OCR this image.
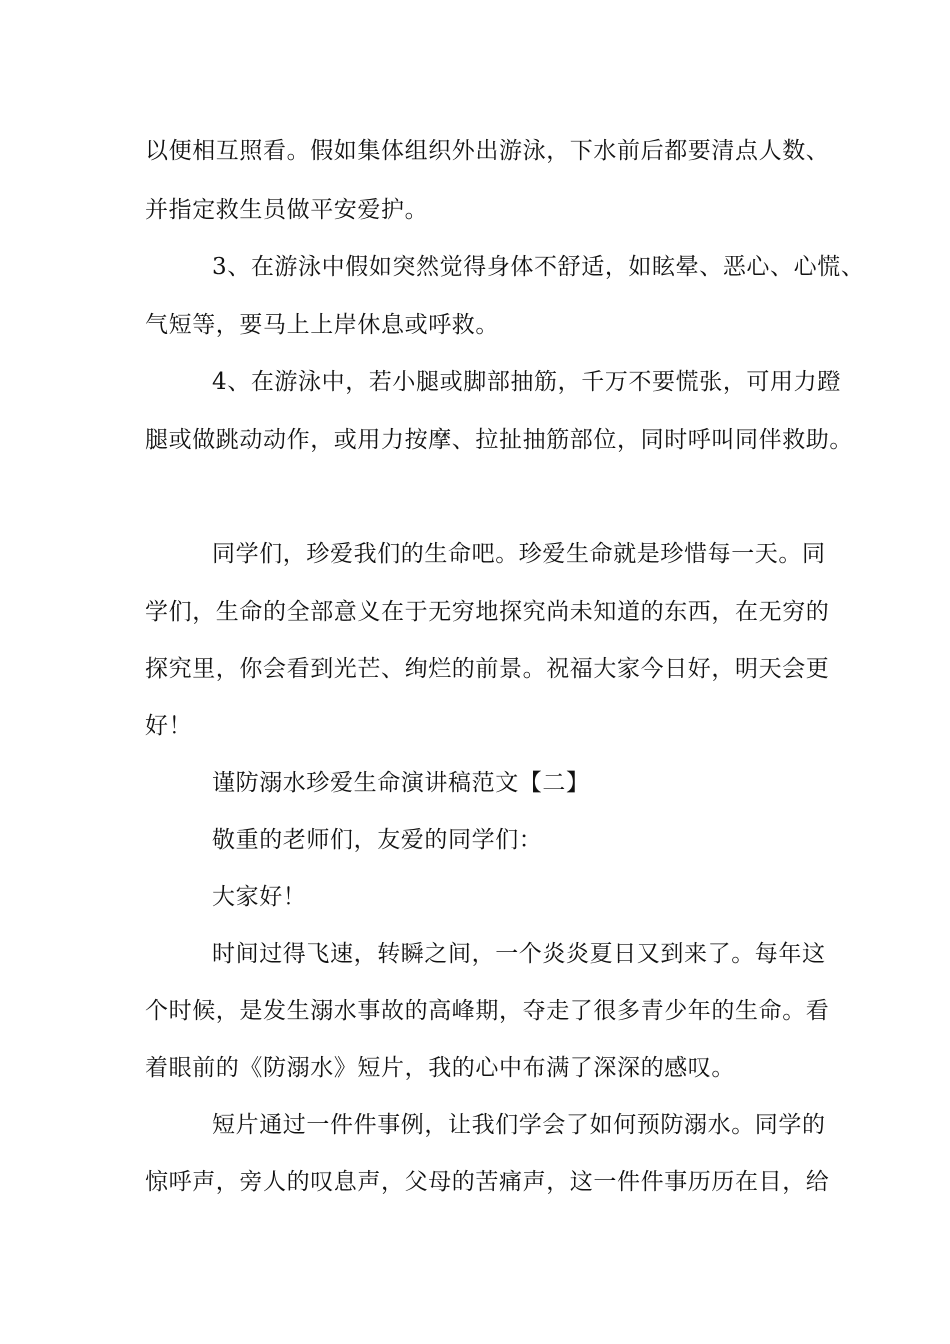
以便相互照看。假如集体组织外出游泳，下水前后都要清点人数、
并指定救生员做平安爱护。
3、在游泳中假如突然觉得身体不舒适，如眩晕、恶心、心慌、
气短等，要马上上岸休息或呼救。
4、在游泳中，若小腿或脚部抽筋，千万不要慌张，可用力蹬
腿或做跳动动作，或用力按摩、拉扯抽筋部位，同时呼叫同伴救助。
同学们，珍爱我们的生命吧。珍爱生命就是珍惜每一天。同
学们，生命的全部意义在于无穷地探究尚未知道的东西，在无穷的
探究里，你会看到光芒、绚烂的前景。祝福大家今日好，明天会更
好！
谨防溺水珍爱生命演讲稿范文【二】
敬重的老师们，友爱的同学们：
大家好！
时间过得飞速，转瞬之间，一个炎炎夏日又到来了。每年这
个时候，是发生溺水事故的高峰期，夺走了很多青少年的生命。看
着眼前的《防溺水》短片，我的心中布满了深深的感叹。
短片通过一件件事例，让我们学会了如何预防溺水。同学的
惊呼声，旁人的叹息声，父母的苦痛声，这一件件事历历在目，给
